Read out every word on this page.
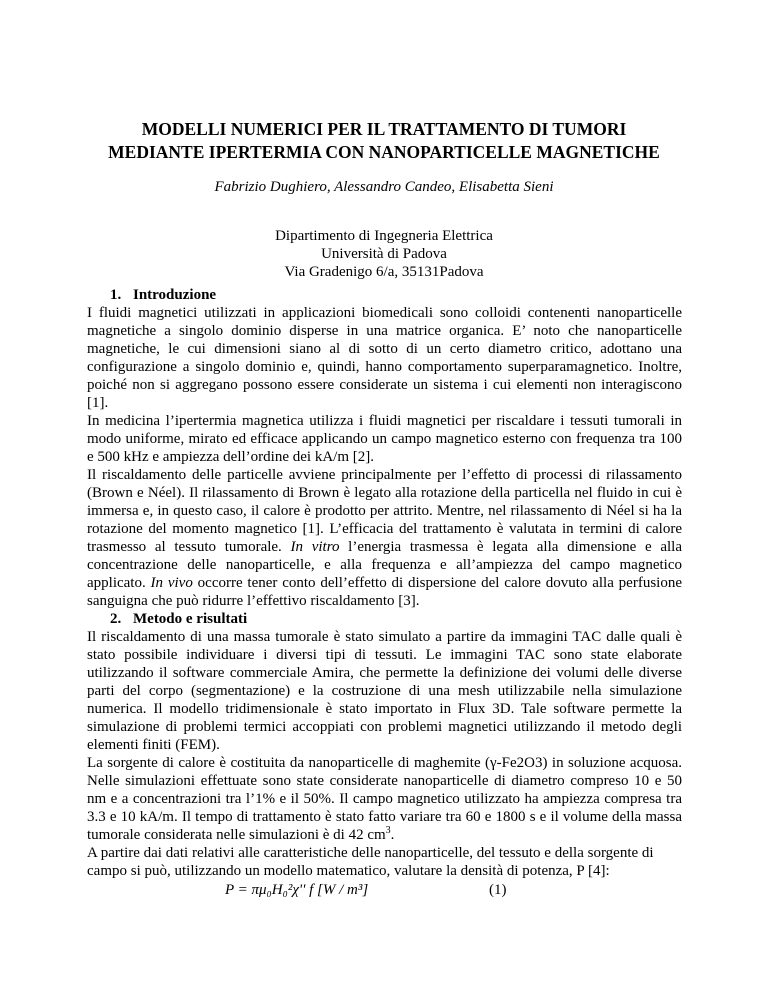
MODELLI NUMERICI PER IL TRATTAMENTO DI TUMORI
MEDIANTE IPERTERMIA CON NANOPARTICELLE MAGNETICHE
Fabrizio Dughiero, Alessandro Candeo, Elisabetta Sieni
Dipartimento di Ingegneria Elettrica
Università di Padova
Via Gradenigo 6/a, 35131Padova
1. Introduzione

I fluidi magnetici utilizzati in applicazioni biomedicali sono colloidi contenenti nanoparticelle magnetiche a singolo dominio disperse in una matrice organica. E’ noto che nanoparticelle magnetiche, le cui dimensioni siano al di sotto di un certo diametro critico, adottano una configurazione a singolo dominio e, quindi, hanno comportamento superparamagnetico. Inoltre, poiché non si aggregano possono essere considerate un sistema i cui elementi non interagiscono [1].

In medicina l’ipertermia magnetica utilizza i fluidi magnetici per riscaldare i tessuti tumorali in modo uniforme, mirato ed efficace applicando un campo magnetico esterno con frequenza tra 100 e 500 kHz e ampiezza dell’ordine dei kA/m [2].

Il riscaldamento delle particelle avviene principalmente per l’effetto di processi di rilassamento (Brown e Néel). Il rilassamento di Brown è legato alla rotazione della particella nel fluido in cui è immersa e, in questo caso, il calore è prodotto per attrito. Mentre, nel rilassamento di Néel si ha la rotazione del momento magnetico [1]. L’efficacia del trattamento è valutata in termini di calore trasmesso al tessuto tumorale. In vitro l’energia trasmessa è legata alla dimensione e alla concentrazione delle nanoparticelle, e alla frequenza e all’ampiezza del campo magnetico applicato. In vivo occorre tener conto dell’effetto di dispersione del calore dovuto alla perfusione sanguigna che può ridurre l’effettivo riscaldamento [3].

2. Metodo e risultati

Il riscaldamento di una massa tumorale è stato simulato a partire da immagini TAC dalle quali è stato possibile individuare i diversi tipi di tessuti. Le immagini TAC sono state elaborate utilizzando il software commerciale Amira, che permette la definizione dei volumi delle diverse parti del corpo (segmentazione) e la costruzione di una mesh utilizzabile nella simulazione numerica. Il modello tridimensionale è stato importato in Flux 3D. Tale software permette la simulazione di problemi termici accoppiati con problemi magnetici utilizzando il metodo degli elementi finiti (FEM).

La sorgente di calore è costituita da nanoparticelle di maghemite (γ-Fe2O3) in soluzione acquosa. Nelle simulazioni effettuate sono state considerate nanoparticelle di diametro compreso 10 e 50 nm e a concentrazioni tra l’1% e il 50%. Il campo magnetico utilizzato ha ampiezza compresa tra 3.3 e 10 kA/m. Il tempo di trattamento è stato fatto variare tra 60 e 1800 s e il volume della massa tumorale considerata nelle simulazioni è di 42 $cm^3$.

A partire dai dati relativi alle caratteristiche delle nanoparticelle, del tessuto e della sorgente di campo si può, utilizzando un modello matematico, valutare la densità di potenza, P [4]:

P = πμ₀H₀²χ'' f [W / m³]	(1)
